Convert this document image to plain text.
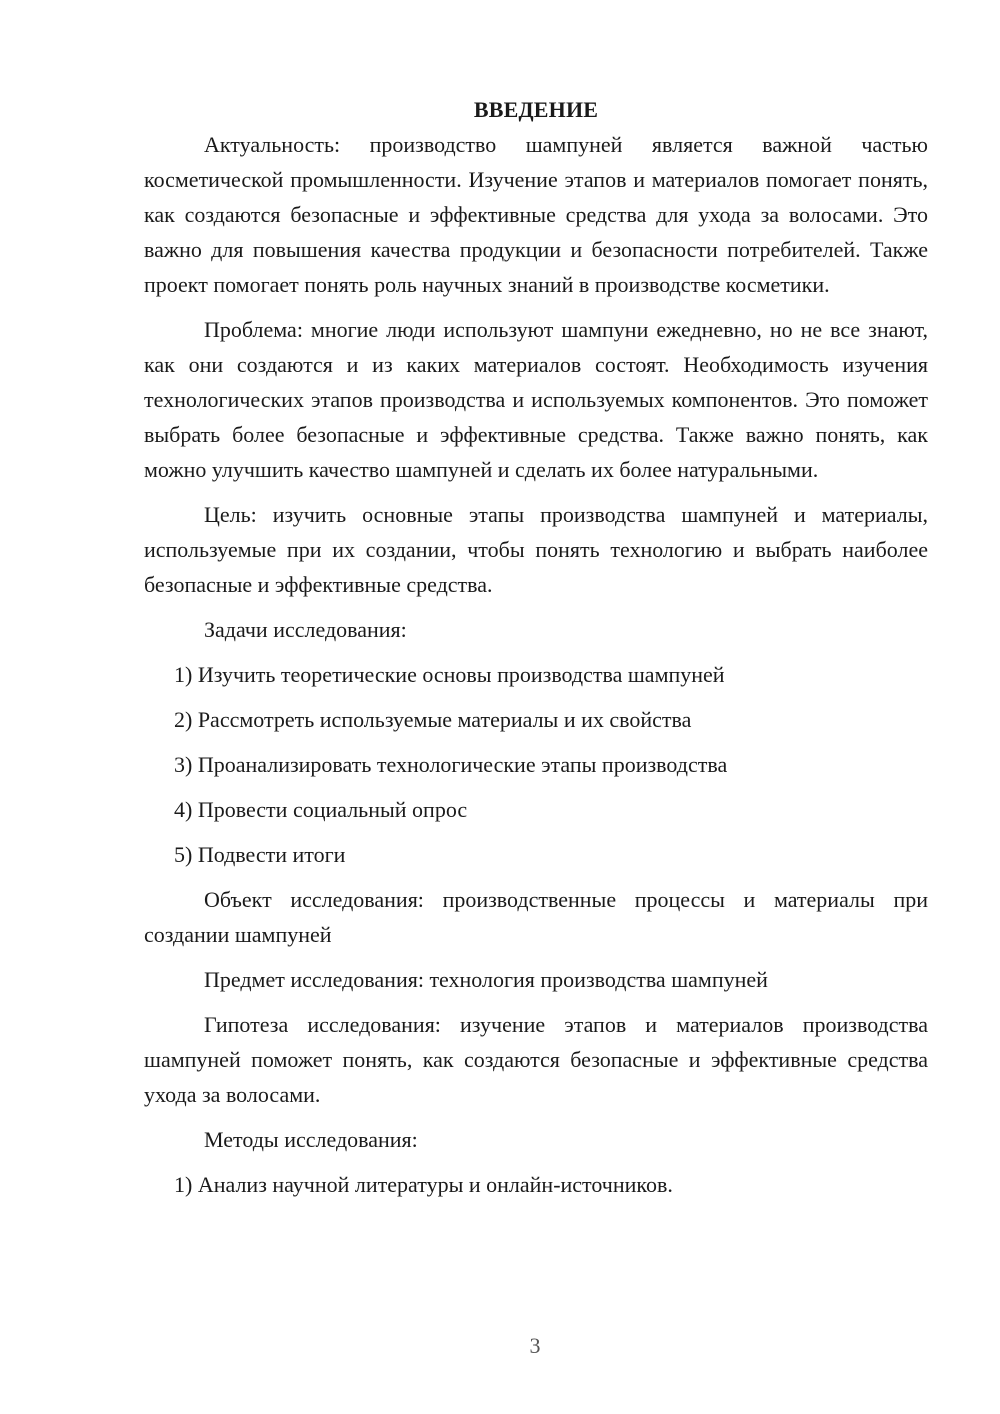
ВВЕДЕНИЕ

Актуальность: производство шампуней является важной частью косметической промышленности. Изучение этапов и материалов помогает понять, как создаются безопасные и эффективные средства для ухода за волосами. Это важно для повышения качества продукции и безопасности потребителей. Также проект помогает понять роль научных знаний в производстве косметики.

Проблема: многие люди используют шампуни ежедневно, но не все знают, как они создаются и из каких материалов состоят. Необходимость изучения технологических этапов производства и используемых компонентов. Это поможет выбрать более безопасные и эффективные средства. Также важно понять, как можно улучшить качество шампуней и сделать их более натуральными.

Цель: изучить основные этапы производства шампуней и материалы, используемые при их создании, чтобы понять технологию и выбрать наиболее безопасные и эффективные средства.

Задачи исследования:

1) Изучить теоретические основы производства шампуней

2) Рассмотреть используемые материалы и их свойства

3) Проанализировать технологические этапы производства

4) Провести социальный опрос

5) Подвести итоги

Объект исследования: производственные процессы и материалы при создании шампуней

Предмет исследования: технология производства шампуней

Гипотеза исследования: изучение этапов и материалов производства шампуней поможет понять, как создаются безопасные и эффективные средства ухода за волосами.

Методы исследования:

1) Анализ научной литературы и онлайн-источников.

3
